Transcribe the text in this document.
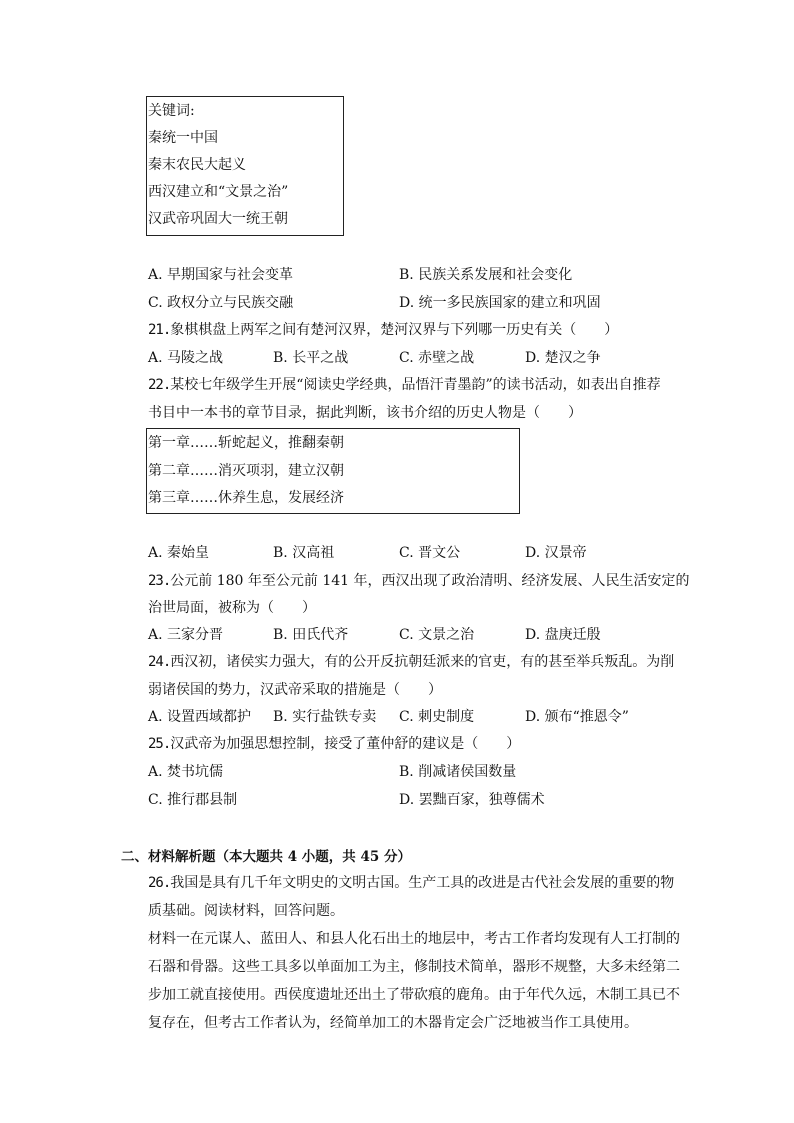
关键词:
秦统一中国
秦末农民大起义
西汉建立和“文景之治”
汉武帝巩固大一统王朝
A. 早期国家与社会变革	B. 民族关系发展和社会变化
C. 政权分立与民族交融	D. 统一多民族国家的建立和巩固
21.象棋棋盘上两军之间有楚河汉界，楚河汉界与下列哪一历史有关（　　）
A. 马陵之战	B. 长平之战	C. 赤壁之战	D. 楚汉之争
22.某校七年级学生开展“阅读史学经典，品悟汗青墨韵”的读书活动，如表出自推荐
书目中一本书的章节目录，据此判断，该书介绍的历史人物是（　　）
第一章……斩蛇起义，推翻秦朝
第二章……消灭项羽，建立汉朝
第三章……休养生息，发展经济
A. 秦始皇	B. 汉高祖	C. 晋文公	D. 汉景帝
23.公元前 180 年至公元前 141 年，西汉出现了政治清明、经济发展、人民生活安定的
治世局面，被称为（　　）
A. 三家分晋	B. 田氏代齐	C. 文景之治	D. 盘庚迁殷
24.西汉初，诸侯实力强大，有的公开反抗朝廷派来的官吏，有的甚至举兵叛乱。为削
弱诸侯国的势力，汉武帝采取的措施是（　　）
A. 设置西域都护 B. 实行盐铁专卖 C. 刺史制度	D. 颁布“推恩令”
25.汉武帝为加强思想控制，接受了董仲舒的建议是（　　）
A. 焚书坑儒	B. 削减诸侯国数量
C. 推行郡县制	D. 罢黜百家，独尊儒术
二、材料解析题（本大题共 4 小题，共 45 分）
26.我国是具有几千年文明史的文明古国。生产工具的改进是古代社会发展的重要的物
质基础。阅读材料，回答问题。
材料一在元谋人、蓝田人、和县人化石出土的地层中，考古工作者均发现有人工打制的
石器和骨器。这些工具多以单面加工为主，修制技术简单，器形不规整，大多未经第二
步加工就直接使用。西侯度遗址还出土了带砍痕的鹿角。由于年代久远，木制工具已不
复存在，但考古工作者认为，经简单加工的木器肯定会广泛地被当作工具使用。
